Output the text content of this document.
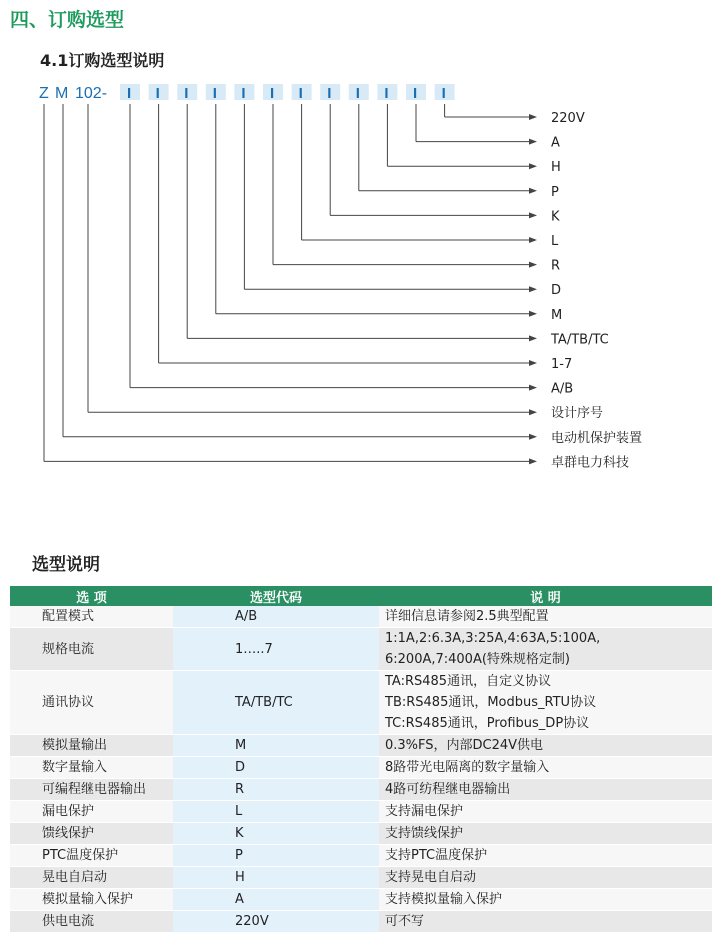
四、订购选型
4.1订购选型说明
Z M 102- I I I I I I I I I I I I
220V
A
H
P
K
L
R
D
M
TA/TB/TC
1-7
A/B
设计序号
电动机保护装置
卓群电力科技
选型说明
选 项	选型代码	说 明
配置模式	A/B	详细信息请参阅2.5典型配置

规格电流	1…..7	1:1A,2:6.3A,3:25A,4:63A,5:100A,
6:200A,7:400A(特殊规格定制)

通讯协议	TA/TB/TC	TA:RS485通讯，自定义协议
TB:RS485通讯，Modbus_RTU协议
TC:RS485通讯，Profibus_DP协议

模拟量输出	M	0.3%FS，内部DC24V供电

数字量输入	D	8路带光电隔离的数字量输入

可编程继电器输出	R	4路可纺程继电器输出

漏电保护	L	支持漏电保护

馈线保护	K	支持馈线保护

PTC温度保护	P	支持PTC温度保护

晃电自启动	H	支持晃电自启动

模拟量输入保护	A	支持模拟量输入保护

供电电流	220V	可不写
